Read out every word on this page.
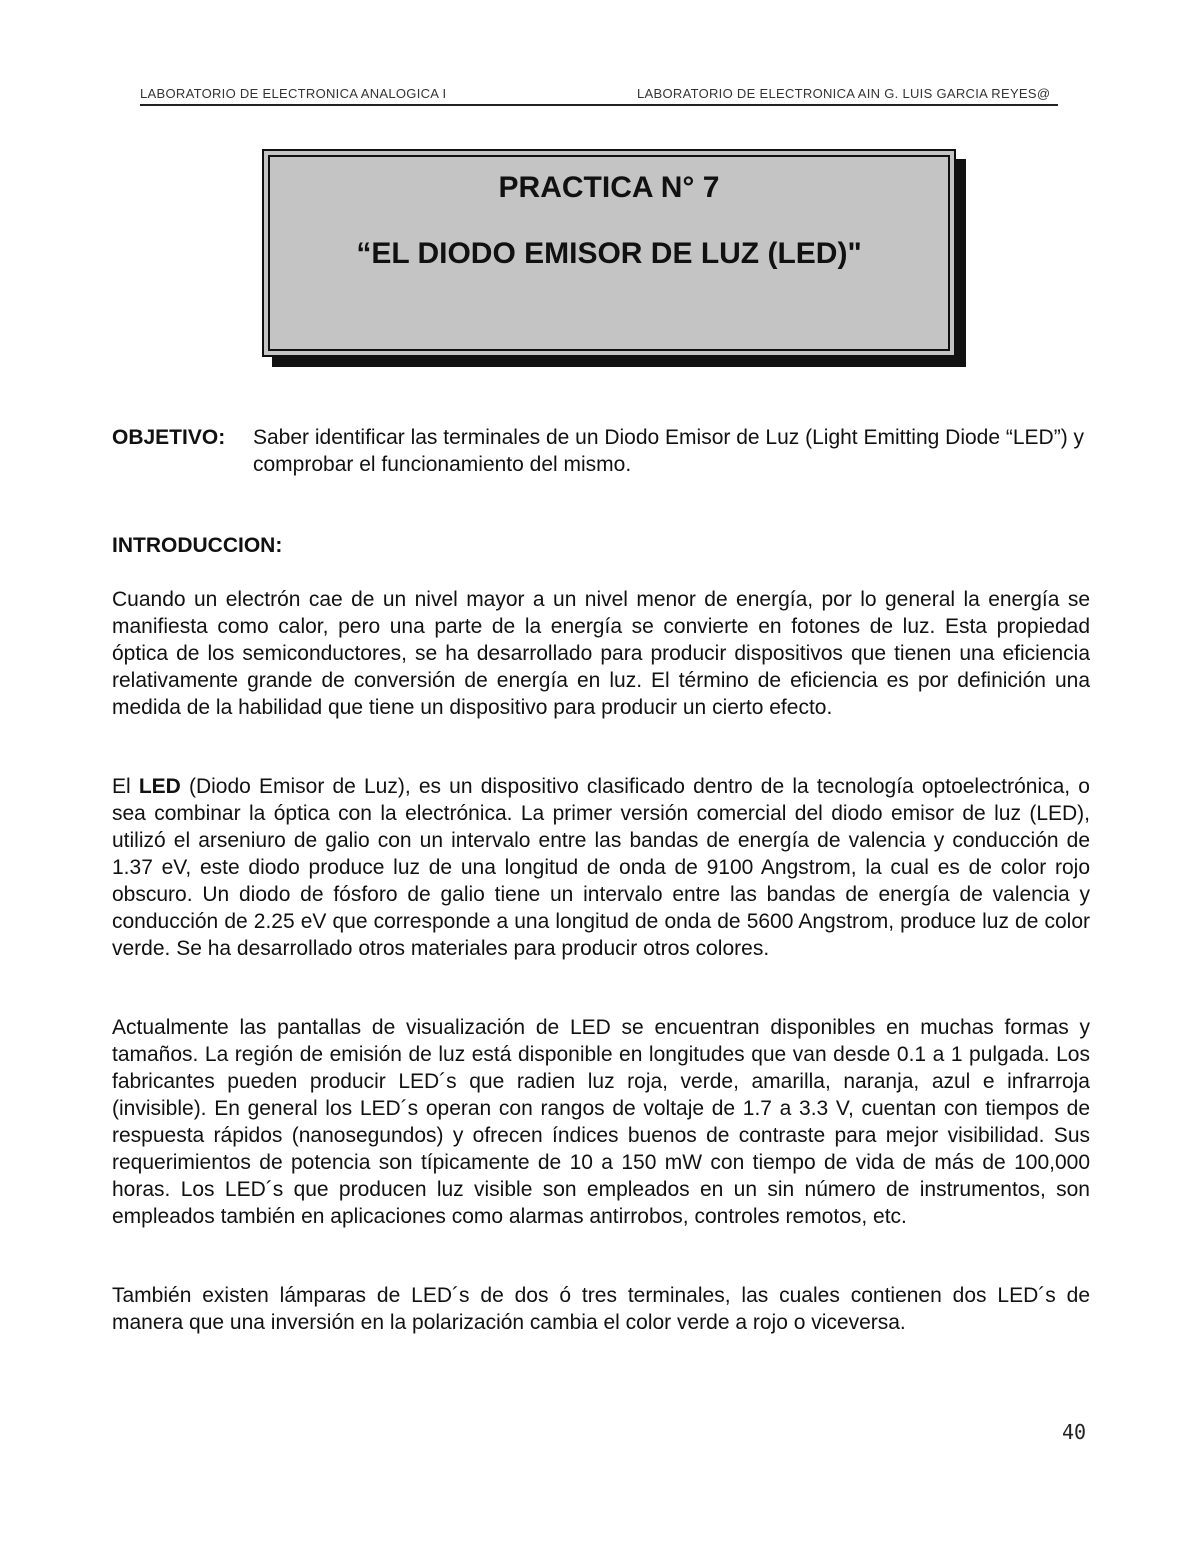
LABORATORIO DE ELECTRONICA ANALOGICA I	LABORATORIO DE ELECTRONICA AIN G. LUIS GARCIA REYES@
PRACTICA N° 7
“EL DIODO EMISOR DE LUZ (LED)"
OBJETIVO: Saber identificar las terminales de un Diodo Emisor de Luz (Light Emitting Diode “LED”) y comprobar el funcionamiento del mismo.
INTRODUCCION:

Cuando un electrón cae de un nivel mayor a un nivel menor de energía, por lo general la energía se manifiesta como calor, pero una parte de la energía se convierte en fotones de luz. Esta propiedad óptica de los semiconductores, se ha desarrollado para producir dispositivos que tienen una eficiencia relativamente grande de conversión de energía en luz. El término de eficiencia es por definición una medida de la habilidad que tiene un dispositivo para producir un cierto efecto.

El LED (Diodo Emisor de Luz), es un dispositivo clasificado dentro de la tecnología optoelectrónica, o sea combinar la óptica con la electrónica. La primer versión comercial del diodo emisor de luz (LED), utilizó el arseniuro de galio con un intervalo entre las bandas de energía de valencia y conducción de 1.37 eV, este diodo produce luz de una longitud de onda de 9100 Angstrom, la cual es de color rojo obscuro. Un diodo de fósforo de galio tiene un intervalo entre las bandas de energía de valencia y conducción de 2.25 eV que corresponde a una longitud de onda de 5600 Angstrom, produce luz de color verde. Se ha desarrollado otros materiales para producir otros colores.

Actualmente las pantallas de visualización de LED se encuentran disponibles en muchas formas y tamaños. La región de emisión de luz está disponible en longitudes que van desde 0.1 a 1 pulgada. Los fabricantes pueden producir LED´s que radien luz roja, verde, amarilla, naranja, azul e infrarroja (invisible). En general los LED´s operan con rangos de voltaje de 1.7 a 3.3 V, cuentan con tiempos de respuesta rápidos (nanosegundos) y ofrecen índices buenos de contraste para mejor visibilidad. Sus requerimientos de potencia son típicamente de 10 a 150 mW con tiempo de vida de más de 100,000 horas. Los LED´s que producen luz visible son empleados en un sin número de instrumentos, son empleados también en aplicaciones como alarmas antirrobos, controles remotos, etc.

También existen lámparas de LED´s de dos ó tres terminales, las cuales contienen dos LED´s de manera que una inversión en la polarización cambia el color verde a rojo o viceversa.

40
